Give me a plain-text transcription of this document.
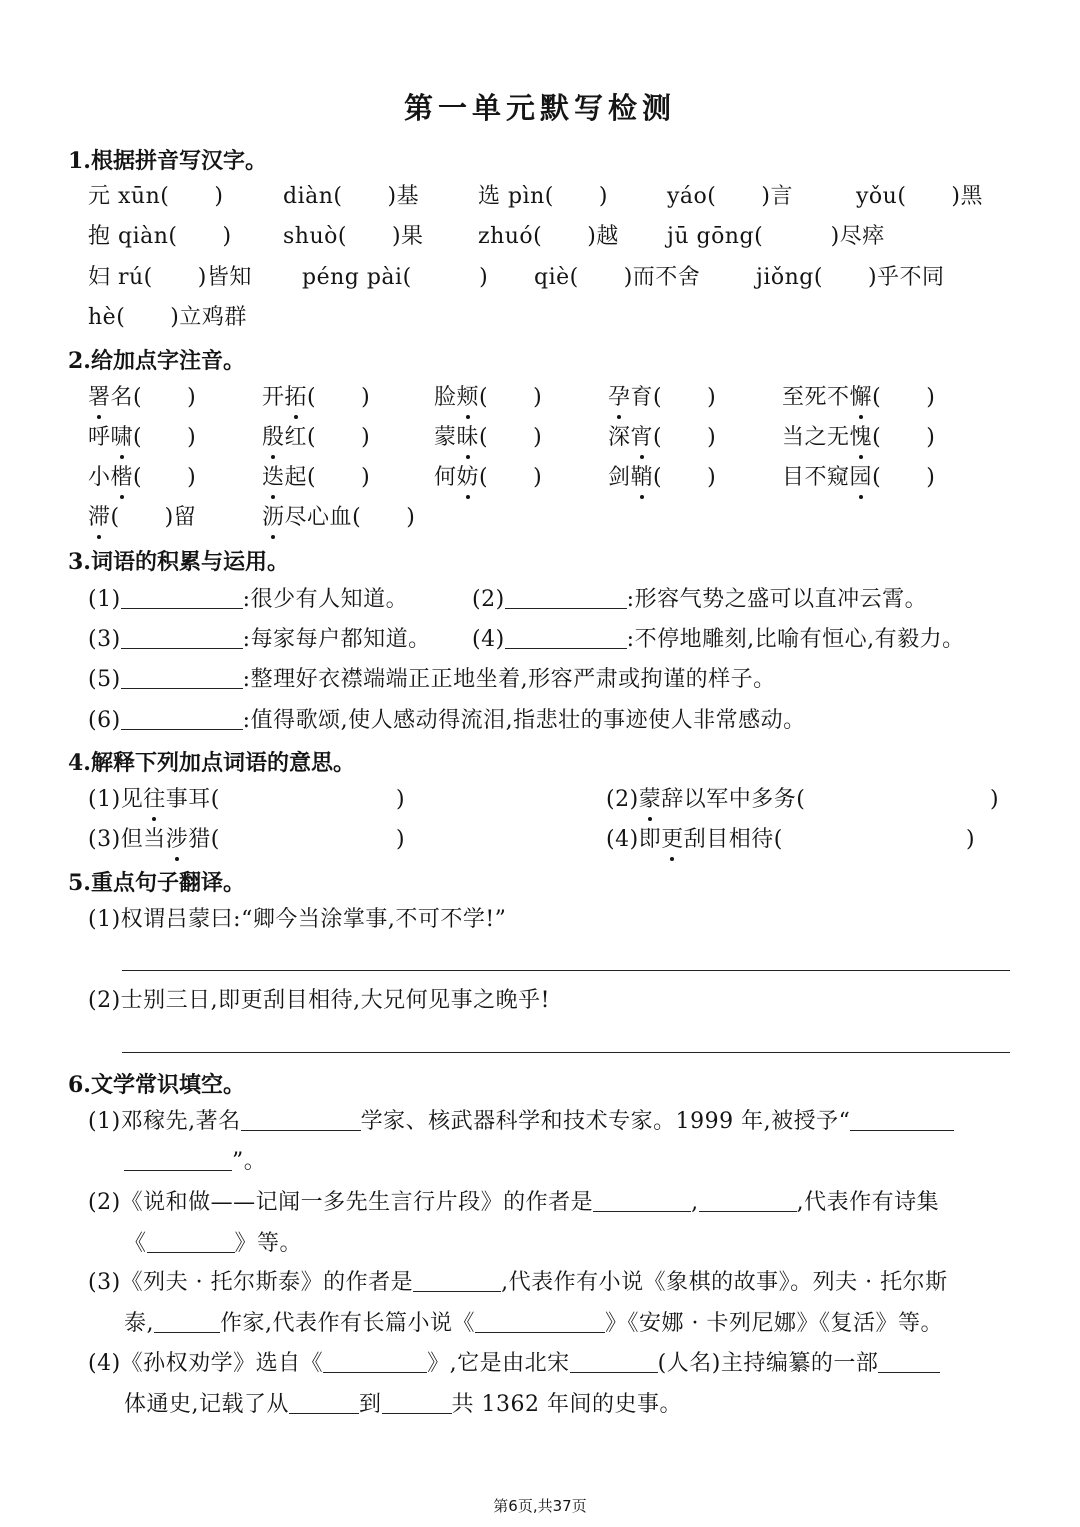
第一单元默写检测
1.根据拼音写汉字。
元 xūn(　　)	diàn(　　)基	选 pìn(　　)	yáo(　　)言	yǒu(　　)黑
抱 qiàn(　　) shuò(　　)果 zhuó(　　)越 jū gōng(　　　)尽瘁
妇 rú(　　)皆知 péng pài(　　　) qiè(　　)而不舍	jiǒng(　　)乎不同
hè(　　)立鸡群
2.给加点字注音。
署名(　　 )	开拓(　　 )	脸颊(　　 )	孕育(　　 )	至死不懈(　　 )
呼啸(　　 )	殷红(　　 )	蒙昧(　　 )	深宵(　　 )	当之无愧(　　 )
小楷(　　 )	迭起(　　 )	何妨(　　 )	剑鞘(　　 )	目不窥园(　　 )
滞(　　 )留	沥尽心血(　　 )
3.词语的积累与运用。
(1)	:很少有人知道。	(2)	:形容气势之盛可以直冲云霄。
(3)	:每家每户都知道。 (4)	:不停地雕刻,比喻有恒心,有毅力。
(5)	:整理好衣襟端端正正地坐着,形容严肃或拘谨的样子。
(6)	:值得歌颂,使人感动得流泪,指悲壮的事迹使人非常感动。
4.解释下列加点词语的意思。
(1)见往事耳(	)	(2)蒙辞以军中多务(	)
(3)但当涉猎(	)	(4)即更刮目相待(	)
5.重点句子翻译。
(1)权谓吕蒙曰:“卿今当涂掌事,不可不学!”
(2)士别三日,即更刮目相待,大兄何见事之晚乎!
6.文学常识填空。
(1)邓稼先,著名	学家、核武器科学和技术专家。1999 年,被授予“
”。
(2)《说和做——记闻一多先生言行片段》的作者是	,	,代表作有诗集
《	》等。
(3)《列夫 · 托尔斯泰》的作者是	,代表作有小说《象棋的故事》。列夫 · 托尔斯
泰,	作家,代表作有长篇小说《	》《安娜 · 卡列尼娜》《复活》等。
(4)《孙权劝学》选自《	》,它是由北宋	(人名)主持编纂的一部
体通史,记载了从	到	共 1362 年间的史事。
第6页,共37页
